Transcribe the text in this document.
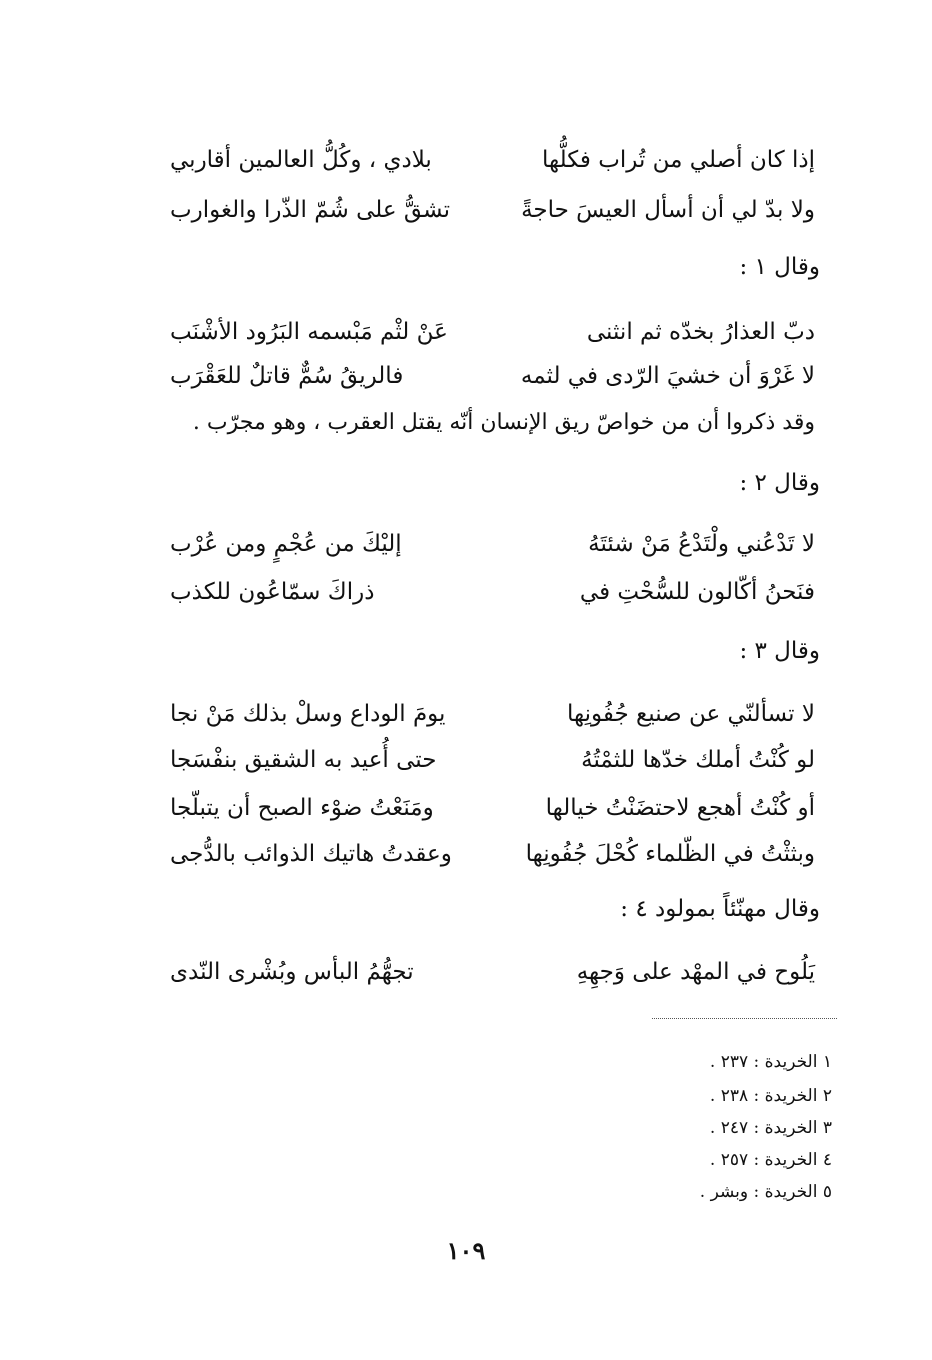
إذا كان أصلي من تُراب فكلُّها
بلادي ، وكُلُّ العالمين أقاربي
ولا بدّ لي أن أسأل العيسَ حاجةً
تشقُّ على شُمّ الذّرا والغوارب
وقال ١ :
دبّ العذارُ بخدّه ثم انثنى
عَنْ لثْم مَبْسمه البَرُود الأشْنَب
لا غَرْوَ أن خشيَ الرّدى في لثمه
فالريقُ سُمٌّ قاتلٌ للعَقْرَب
وقد ذكروا أن من خواصّ ريق الإنسان أنّه يقتل العقرب ، وهو مجرّب .
وقال ٢ :
لا تَدْعُني ولْتَدْعُ مَنْ شئتَهُ
إليْكَ من عُجْمٍ ومن عُرْب
فنَحنُ أكّالون للسُّحْتِ في
ذراكَ سمّاعُون للكذب
وقال ٣ :
لا تسألنّي عن صنيع جُفُونِها
يومَ الوداع وسلْ بذلك مَنْ نجا
لو كُنْتُ أملك خدّها للثمْتُهُ
حتى أُعيد به الشقيق بنفْسَجا
أو كُنْتُ أهجع لاحتضَنْتُ خيالها
ومَنَعْتُ ضوْء الصبح أن يتبلّجا
وبثثْتُ في الظّلماء كُحْلَ جُفُونِها
وعقدتُ هاتيك الذوائب بالدُّجى
وقال مهنّئاً بمولود ٤ :
يَلُوح في المهْد على وَجهِهِ
تجهُّمُ البأس وبُشْرى النّدى
١ الخريدة : ٢٣٧ .
٢ الخريدة : ٢٣٨ .
٣ الخريدة : ٢٤٧ .
٤ الخريدة : ٢٥٧ .
٥ الخريدة : وبشر .
١٠٩
